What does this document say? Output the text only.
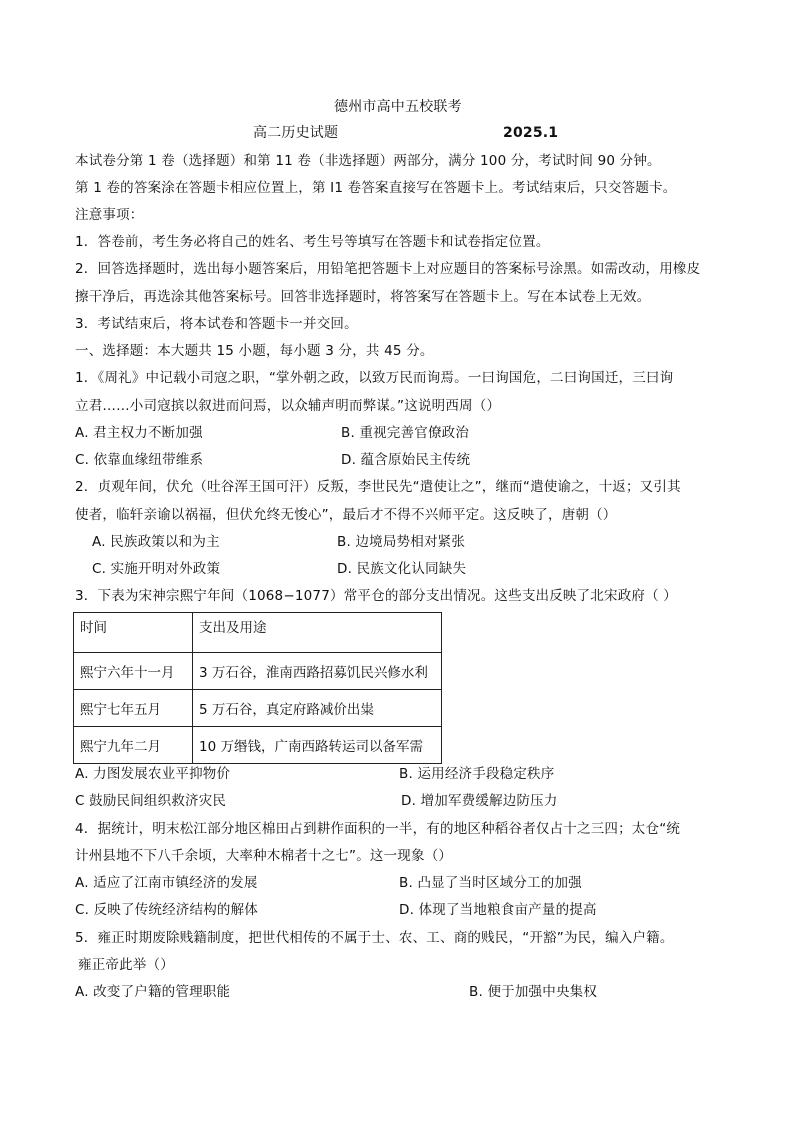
德州市高中五校联考
高二历史试题	2025.1
本试卷分第 1 卷（选择题）和第 11 卷（非选择题）两部分，满分 100 分，考试时间 90 分钟。
第 1 卷的答案涂在答题卡相应位置上，第 I1 卷答案直接写在答题卡上。考试结束后，只交答题卡。
注意事项：
1．答卷前，考生务必将自己的姓名、考生号等填写在答题卡和试卷指定位置。
2．回答选择题时，选出每小题答案后，用铅笔把答题卡上对应题目的答案标号涂黑。如需改动，用橡皮
擦干净后，再选涂其他答案标号。回答非选择题时，将答案写在答题卡上。写在本试卷上无效。
3．考试结束后，将本试卷和答题卡一并交回。
一、选择题：本大题共 15 小题，每小题 3 分，共 45 分。
1．《周礼》中记载小司寇之职，“掌外朝之政，以致万民而询焉。一曰询国危，二曰询国迁，三曰询
立君……小司寇摈以叙进而问焉，以众辅声明而弊谋。”这说明西周（）
A. 君主权力不断加强	B. 重视完善官僚政治
C. 依靠血缘纽带维系	D. 蕴含原始民主传统
2．贞观年间，伏允（吐谷浑王国可汗）反叛，李世民先“遣使让之”，继而“遣使谕之，十返；又引其
使者，临轩亲谕以祸福，但伏允终无悛心”，最后才不得不兴师平定。这反映了，唐朝（）
A. 民族政策以和为主	B. 边境局势相对紧张
C. 实施开明对外政策	D. 民族文化认同缺失
3．下表为宋神宗熙宁年间（1068−1077）常平仓的部分支出情况。这些支出反映了北宋政府（ ）
时间	支出及用途
熙宁六年十一月	3 万石谷，淮南西路招募饥民兴修水利
熙宁七年五月	5 万石谷，真定府路减价出粜
熙宁九年二月	10 万缗钱，广南西路转运司以备军需
A. 力图发展农业平抑物价	B. 运用经济手段稳定秩序
C 鼓励民间组织救济灾民	D. 增加军费缓解边防压力
4．据统计，明末松江部分地区棉田占到耕作面积的一半，有的地区种稻谷者仅占十之三四；太仓“统
计州县地不下八千余顷，大率种木棉者十之七”。这一现象（）
A. 适应了江南市镇经济的发展	B. 凸显了当时区域分工的加强
C. 反映了传统经济结构的解体	D. 体现了当地粮食亩产量的提高
5．雍正时期废除贱籍制度，把世代相传的不属于士、农、工、商的贱民，“开豁”为民，编入户籍。
雍正帝此举（）
A. 改变了户籍的管理职能	B. 便于加强中央集权
